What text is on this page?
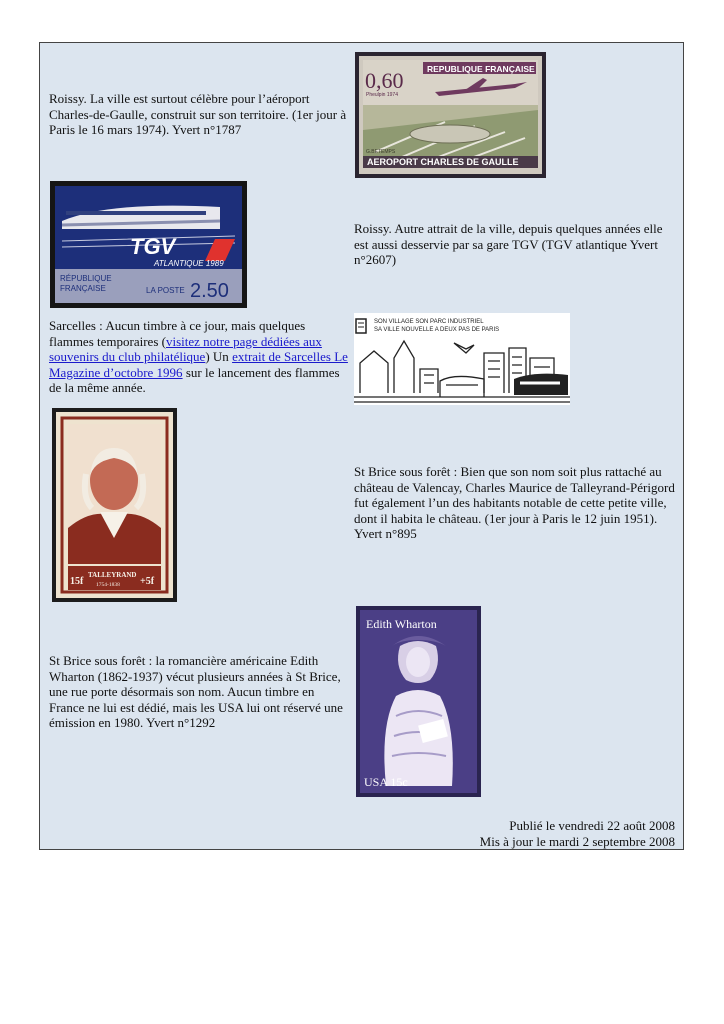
Roissy. La ville est surtout célèbre pour l’aéroport Charles-de-Gaulle, construit sur son territoire. (1er jour à Paris le 16 mars 1974). Yvert n°1787
0,60	REPUBLIQUE FRANÇAISE
Pheulpin 1974
G.BETEMPS
AEROPORT CHARLES DE GAULLE
TGV
ATLANTIQUE 1989
RÉPUBLIQUE
FRANÇAISE	LA POSTE 2.50
Roissy. Autre attrait de la ville, depuis quelques années elle est aussi desservie par sa gare TGV (TGV atlantique Yvert n°2607)
Sarcelles : Aucun timbre à ce jour, mais quelques flammes temporaires (visitez notre page dédiées aux souvenirs du club philatélique) Un extrait de Sarcelles Le Magazine d’octobre 1996 sur le lancement des flammes de la même année.
SON VILLAGE SON PARC INDUSTRIEL
SA VILLE NOUVELLE A DEUX PAS DE PARIS
TALLEYRAND
1754-1838
15f	+5f
St Brice sous forêt : Bien que son nom soit plus rattaché au château de Valencay, Charles Maurice de Talleyrand-Périgord fut également l’un des habitants notable de cette petite ville, dont il habita le château. (1er jour à Paris le 12 juin 1951). Yvert n°895
St Brice sous forêt : la romancière américaine Edith Wharton (1862-1937) vécut plusieurs années à St Brice, une rue porte désormais son nom. Aucun timbre en France ne lui est dédié, mais les USA lui ont réservé une émission en 1980. Yvert n°1292
Edith Wharton
USA 15c
Publié le vendredi 22 août 2008
Mis à jour le mardi 2 septembre 2008
